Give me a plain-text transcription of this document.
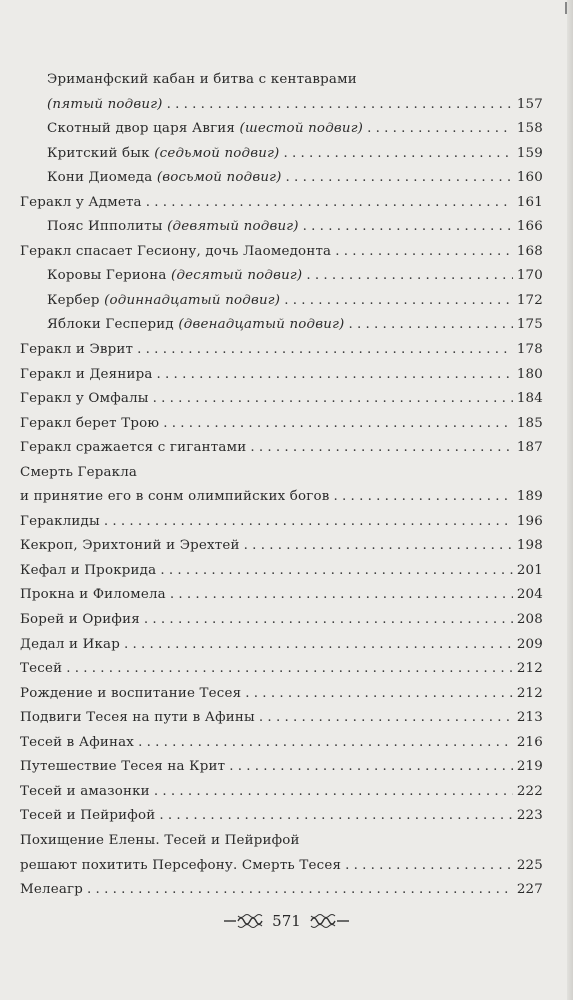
Эриманфский кабан и битва с кентаврами
(пятый подвиг) . . .	157
Скотный двор царя Авгия (шестой подвиг) . . .	158
Критский бык (седьмой подвиг) . . .	159
Кони Диомеда (восьмой подвиг) . . .	160
Геракл у Адмета . . .	161
Пояс Ипполиты (девятый подвиг) . . .	166
Геракл спасает Гесиону, дочь Лаомедонта . . .	168
Коровы Гериона (десятый подвиг) . . .	170
Кербер (одиннадцатый подвиг) . . .	172
Яблоки Гесперид (двенадцатый подвиг) . . .	175
Геракл и Эврит . . .	178
Геракл и Деянира . . .	180
Геракл у Омфалы . . .	184
Геракл берет Трою . . .	185
Геракл сражается с гигантами . . .	187
Смерть Геракла
и принятие его в сонм олимпийских богов . . .	189
Гераклиды . . .	196
Кекроп, Эрихтоний и Эрехтей . . .	198
Кефал и Прокрида . . .	201
Прокна и Филомела . . .	204
Борей и Орифия . . .	208
Дедал и Икар . . .	209
Тесей . . .	212
Рождение и воспитание Тесея . . .	212
Подвиги Тесея на пути в Афины . . .	213
Тесей в Афинах . . .	216
Путешествие Тесея на Крит . . .	219
Тесей и амазонки . . .	222
Тесей и Пейрифой . . .	223
Похищение Елены. Тесей и Пейрифой
решают похитить Персефону. Смерть Тесея . . .	225
Мелеагр . . .	227
571
